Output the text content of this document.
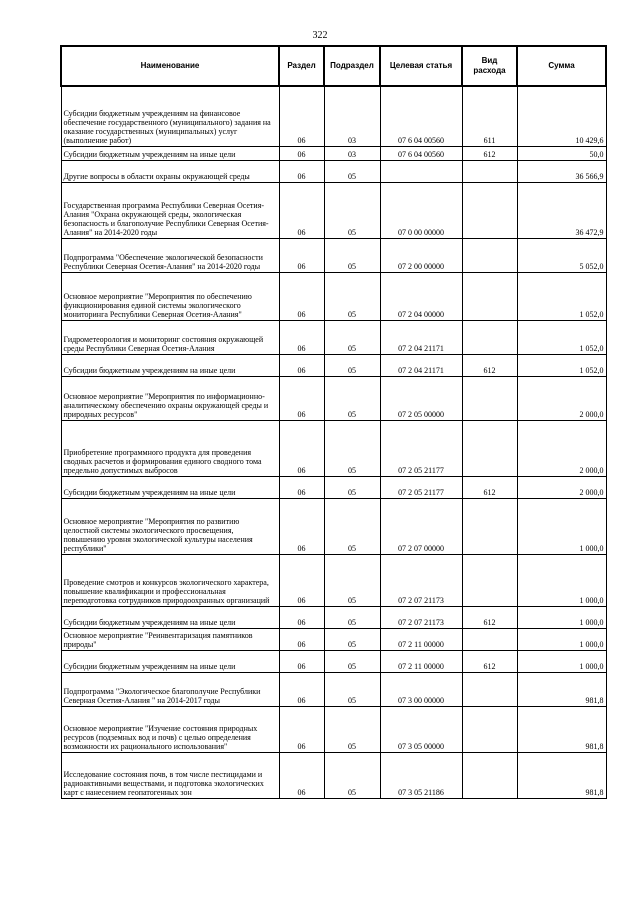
322
Наименование	Раздел	Подраздел	Целевая статья	Вид расхода	Сумма
Субсидии бюджетным учреждениям на финансовое обеспечение государственного (муниципального) задания на оказание государственных (муниципальных) услуг (выполнение работ)	06	03	07 6 04 00560	611	10 429,6
Субсидии бюджетным учреждениям на иные цели	06	03	07 6 04 00560	612	50,0
Другие вопросы в области охраны окружающей среды	06	05			36 566,9
Государственная программа Республики Северная Осетия-Алания "Охрана окружающей среды, экологическая безопасность и благополучие Республики Северная Осетия-Алания" на 2014-2020 годы	06	05	07 0 00 00000		36 472,9
Подпрограмма "Обеспечение экологической безопасности Республики Северная Осетия-Алания" на 2014-2020 годы	06	05	07 2 00 00000		5 052,0
Основное мероприятие "Мероприятия по обеспечению функционирования единой системы экологического мониторинга Республики Северная Осетия-Алания"	06	05	07 2 04 00000		1 052,0
Гидрометеорология и мониторинг состояния окружающей среды Республики Северная Осетия-Алания	06	05	07 2 04 21171		1 052,0
Субсидии бюджетным учреждениям на иные цели	06	05	07 2 04 21171	612	1 052,0
Основное мероприятие "Мероприятия по информационно-аналитическому обеспечению охраны окружающей среды и природных ресурсов"	06	05	07 2 05 00000		2 000,0
Приобретение программного продукта для проведения сводных расчетов и формирования единого сводного тома предельно допустимых выбросов	06	05	07 2 05 21177		2 000,0
Субсидии бюджетным учреждениям на иные цели	06	05	07 2 05 21177	612	2 000,0
Основное мероприятие "Мероприятия по развитию целостной системы экологического просвещения, повышению уровня экологической культуры населения республики"	06	05	07 2 07 00000		1 000,0
Проведение смотров и конкурсов экологического характера, повышение квалификации и профессиональная переподготовка сотрудников природоохранных организаций	06	05	07 2 07 21173		1 000,0
Субсидии бюджетным учреждениям на иные цели	06	05	07 2 07 21173	612	1 000,0
Основное мероприятие "Реинвентаризация памятников природы"	06	05	07 2 11 00000		1 000,0
Субсидии бюджетным учреждениям на иные цели	06	05	07 2 11 00000	612	1 000,0
Подпрограмма "Экологическое благополучие Республики Северная Осетия-Алания " на 2014-2017 годы	06	05	07 3 00 00000		981,8
Основное мероприятие "Изучение состояния природных ресурсов (подземных вод и почв) с целью определения возможности их рационального использования"	06	05	07 3 05 00000		981,8
Исследование состояния почв, в том числе пестицидами и радиоактивными веществами, и подготовка экологических карт с нанесением геопатогенных зон	06	05	07 3 05 21186		981,8
